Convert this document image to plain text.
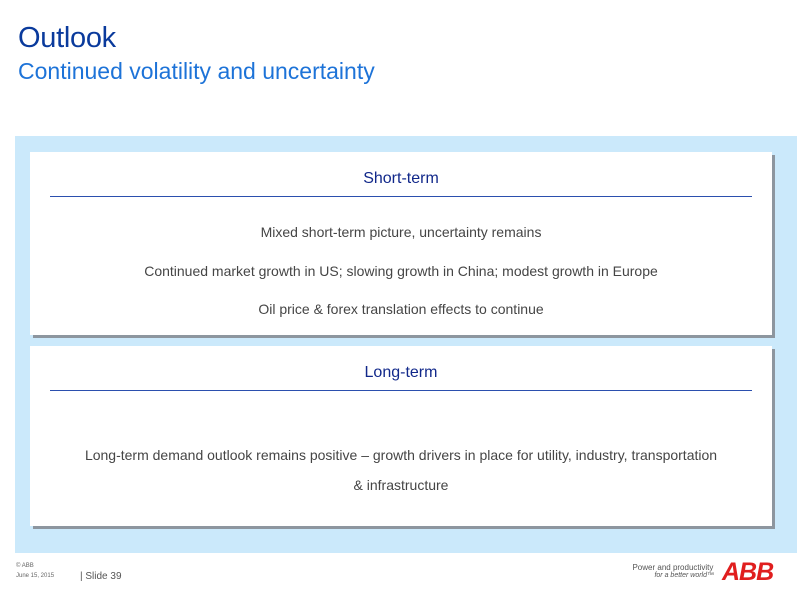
Outlook
Continued volatility and uncertainty
Short-term
Mixed short-term picture, uncertainty remains
Continued market growth in US; slowing growth in China; modest growth in Europe
Oil price & forex translation effects to continue
Long-term
Long-term demand outlook remains positive – growth drivers in place for utility, industry, transportation & infrastructure
© ABB
June 15, 2015	| Slide 39
Power and productivity
for a better world™ ABB
